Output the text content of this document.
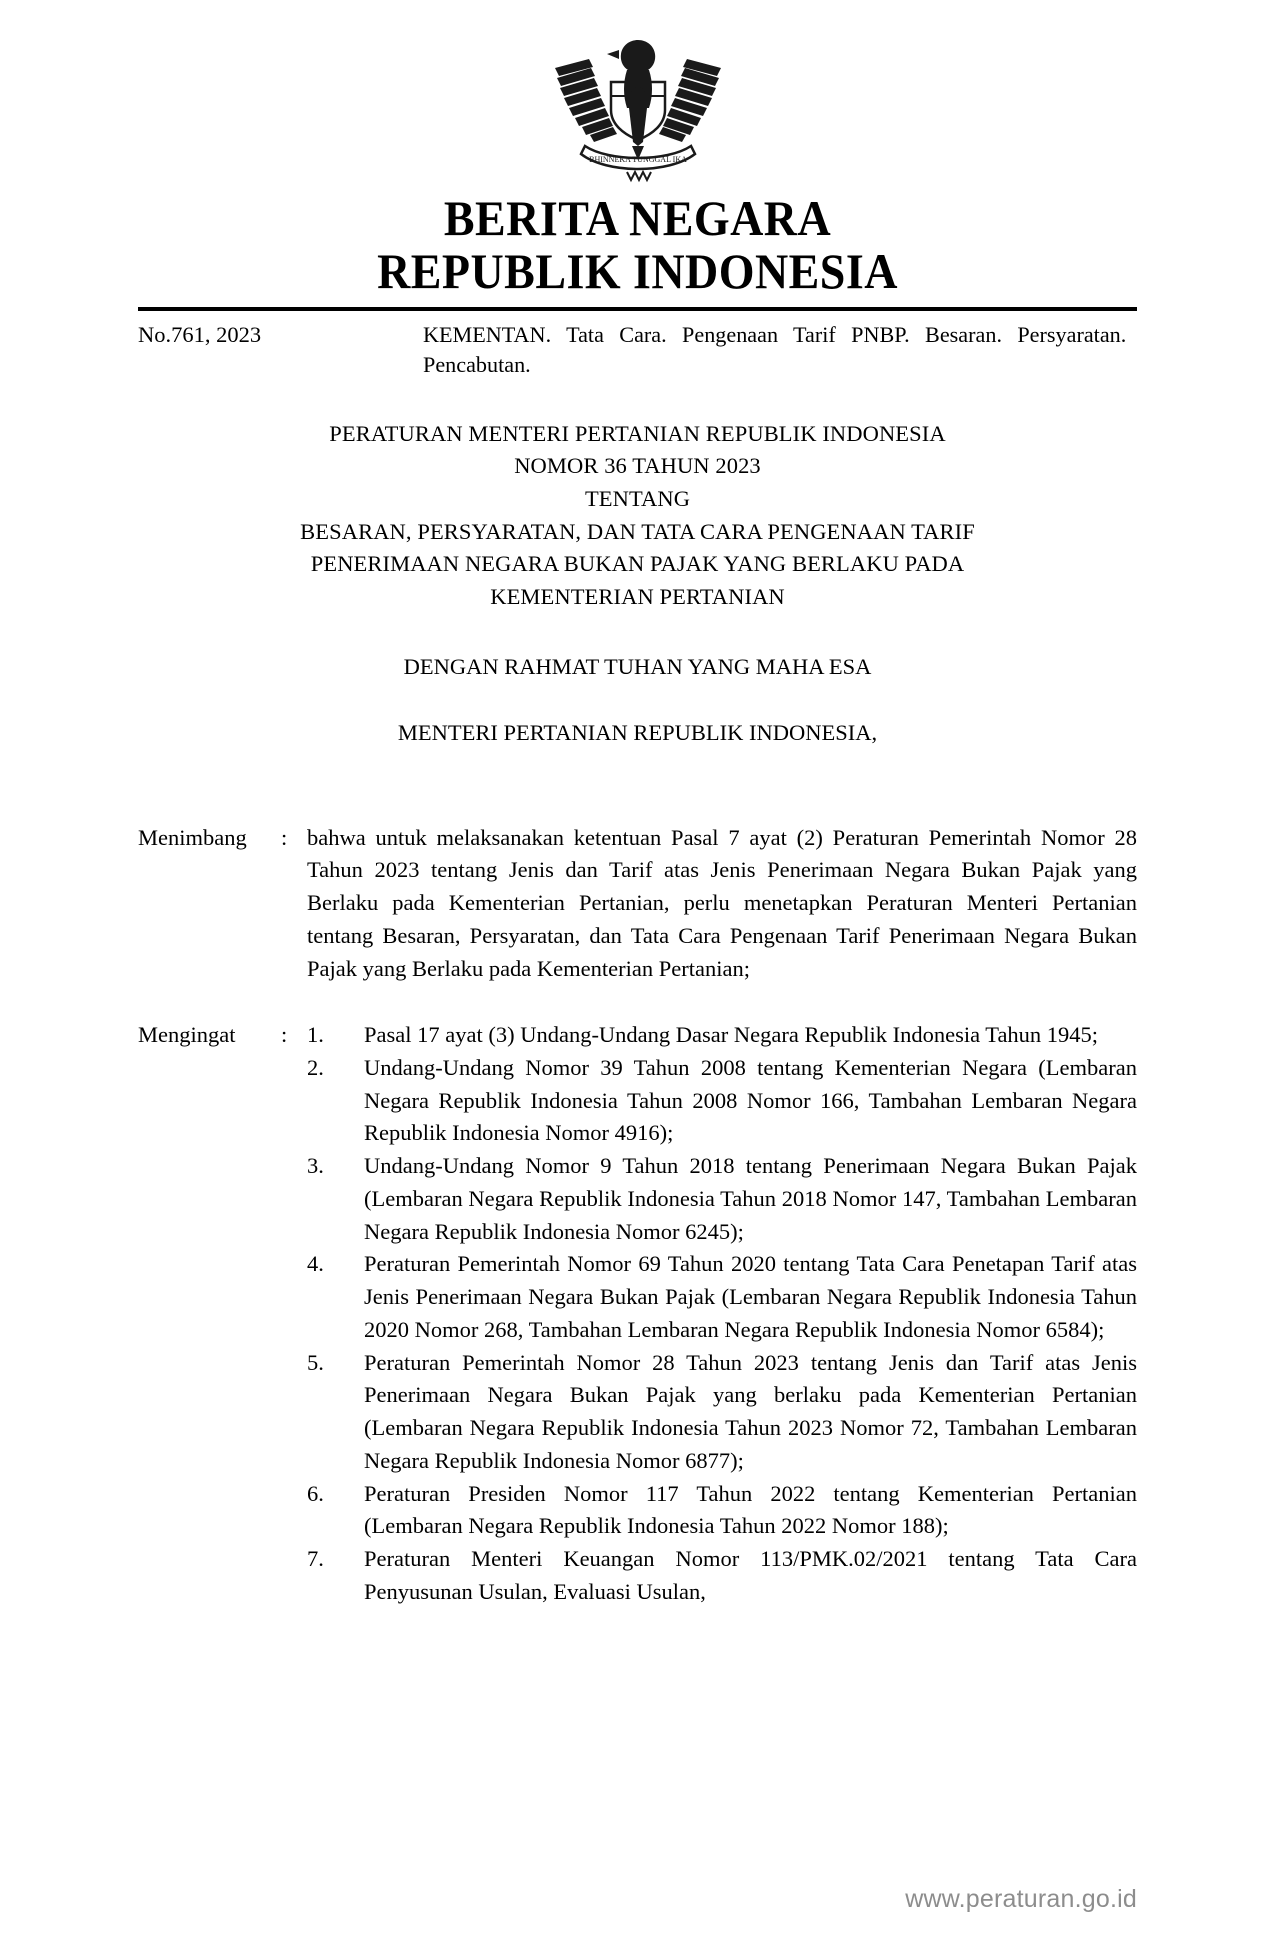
BHINNEKA TUNGGAL IKA
BERITA NEGARA
REPUBLIK INDONESIA
No.761, 2023	KEMENTAN. Tata Cara. Pengenaan Tarif PNBP. Besaran. Persyaratan. Pencabutan.
PERATURAN MENTERI PERTANIAN REPUBLIK INDONESIA
NOMOR 36 TAHUN 2023
TENTANG
BESARAN, PERSYARATAN, DAN TATA CARA PENGENAAN TARIF
PENERIMAAN NEGARA BUKAN PAJAK YANG BERLAKU PADA
KEMENTERIAN PERTANIAN
DENGAN RAHMAT TUHAN YANG MAHA ESA
MENTERI PERTANIAN REPUBLIK INDONESIA,
Menimbang	: bahwa untuk melaksanakan ketentuan Pasal 7 ayat (2) Peraturan Pemerintah Nomor 28 Tahun 2023 tentang Jenis dan Tarif atas Jenis Penerimaan Negara Bukan Pajak yang Berlaku pada Kementerian Pertanian, perlu menetapkan Peraturan Menteri Pertanian tentang Besaran, Persyaratan, dan Tata Cara Pengenaan Tarif Penerimaan Negara Bukan Pajak yang Berlaku pada Kementerian Pertanian;
Mengingat	: 1.	Pasal 17 ayat (3) Undang-Undang Dasar Negara Republik Indonesia Tahun 1945;
2.	Undang-Undang Nomor 39 Tahun 2008 tentang Kementerian Negara (Lembaran Negara Republik Indonesia Tahun 2008 Nomor 166, Tambahan Lembaran Negara Republik Indonesia Nomor 4916);
3.	Undang-Undang Nomor 9 Tahun 2018 tentang Penerimaan Negara Bukan Pajak (Lembaran Negara Republik Indonesia Tahun 2018 Nomor 147, Tambahan Lembaran Negara Republik Indonesia Nomor 6245);
4.	Peraturan Pemerintah Nomor 69 Tahun 2020 tentang Tata Cara Penetapan Tarif atas Jenis Penerimaan Negara Bukan Pajak (Lembaran Negara Republik Indonesia Tahun 2020 Nomor 268, Tambahan Lembaran Negara Republik Indonesia Nomor 6584);
5.	Peraturan Pemerintah Nomor 28 Tahun 2023 tentang Jenis dan Tarif atas Jenis Penerimaan Negara Bukan Pajak yang berlaku pada Kementerian Pertanian (Lembaran Negara Republik Indonesia Tahun 2023 Nomor 72, Tambahan Lembaran Negara Republik Indonesia Nomor 6877);
6.	Peraturan Presiden Nomor 117 Tahun 2022 tentang Kementerian Pertanian (Lembaran Negara Republik Indonesia Tahun 2022 Nomor 188);
7.	Peraturan Menteri Keuangan Nomor 113/PMK.02/2021 tentang Tata Cara Penyusunan Usulan, Evaluasi Usulan,
www.peraturan.go.id
